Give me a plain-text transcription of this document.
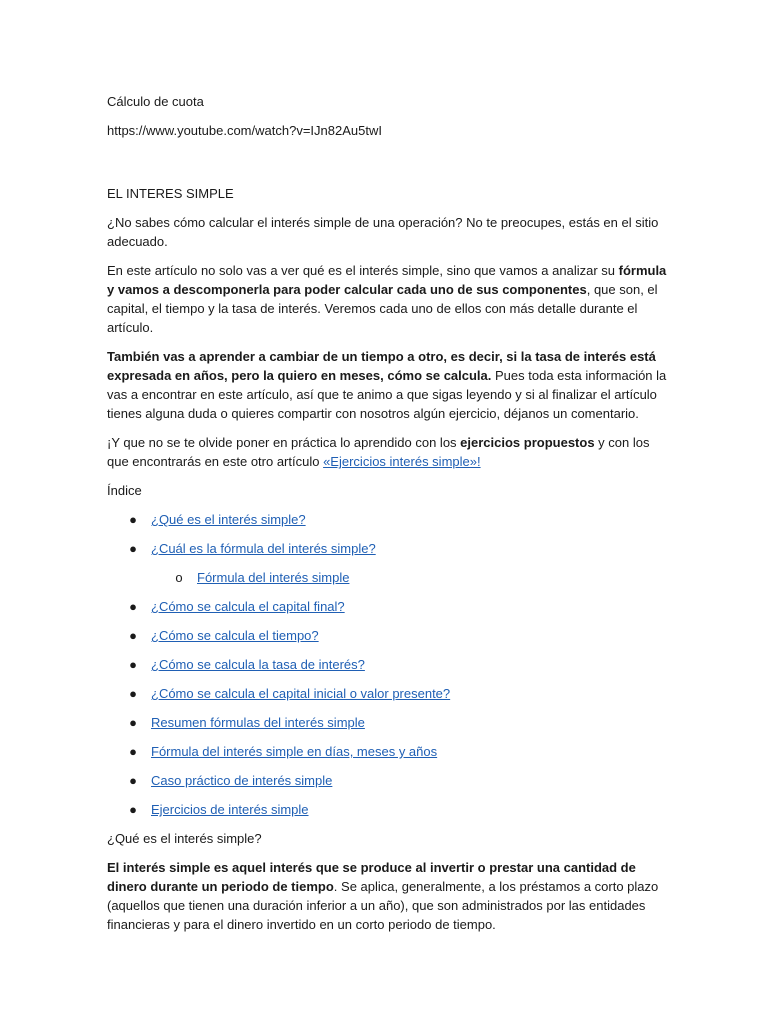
Cálculo de cuota

https://www.youtube.com/watch?v=IJn82Au5twI

EL INTERES SIMPLE

¿No sabes cómo calcular el interés simple de una operación? No te preocupes, estás en el sitio adecuado.

En este artículo no solo vas a ver qué es el interés simple, sino que vamos a analizar su fórmula y vamos a descomponerla para poder calcular cada uno de sus componentes, que son, el capital, el tiempo y la tasa de interés. Veremos cada uno de ellos con más detalle durante el artículo.

También vas a aprender a cambiar de un tiempo a otro, es decir, si la tasa de interés está expresada en años, pero la quiero en meses, cómo se calcula. Pues toda esta información la vas a encontrar en este artículo, así que te animo a que sigas leyendo y si al finalizar el artículo tienes alguna duda o quieres compartir con nosotros algún ejercicio, déjanos un comentario.

¡Y que no se te olvide poner en práctica lo aprendido con los ejercicios propuestos y con los que encontrarás en este otro artículo «Ejercicios interés simple»!

Índice

● ¿Qué es el interés simple?
● ¿Cuál es la fórmula del interés simple?
o Fórmula del interés simple
● ¿Cómo se calcula el capital final?
● ¿Cómo se calcula el tiempo?
● ¿Cómo se calcula la tasa de interés?
● ¿Cómo se calcula el capital inicial o valor presente?
● Resumen fórmulas del interés simple
● Fórmula del interés simple en días, meses y años
● Caso práctico de interés simple
● Ejercicios de interés simple

¿Qué es el interés simple?

El interés simple es aquel interés que se produce al invertir o prestar una cantidad de dinero durante un periodo de tiempo. Se aplica, generalmente, a los préstamos a corto plazo (aquellos que tienen una duración inferior a un año), que son administrados por las entidades financieras y para el dinero invertido en un corto periodo de tiempo.
